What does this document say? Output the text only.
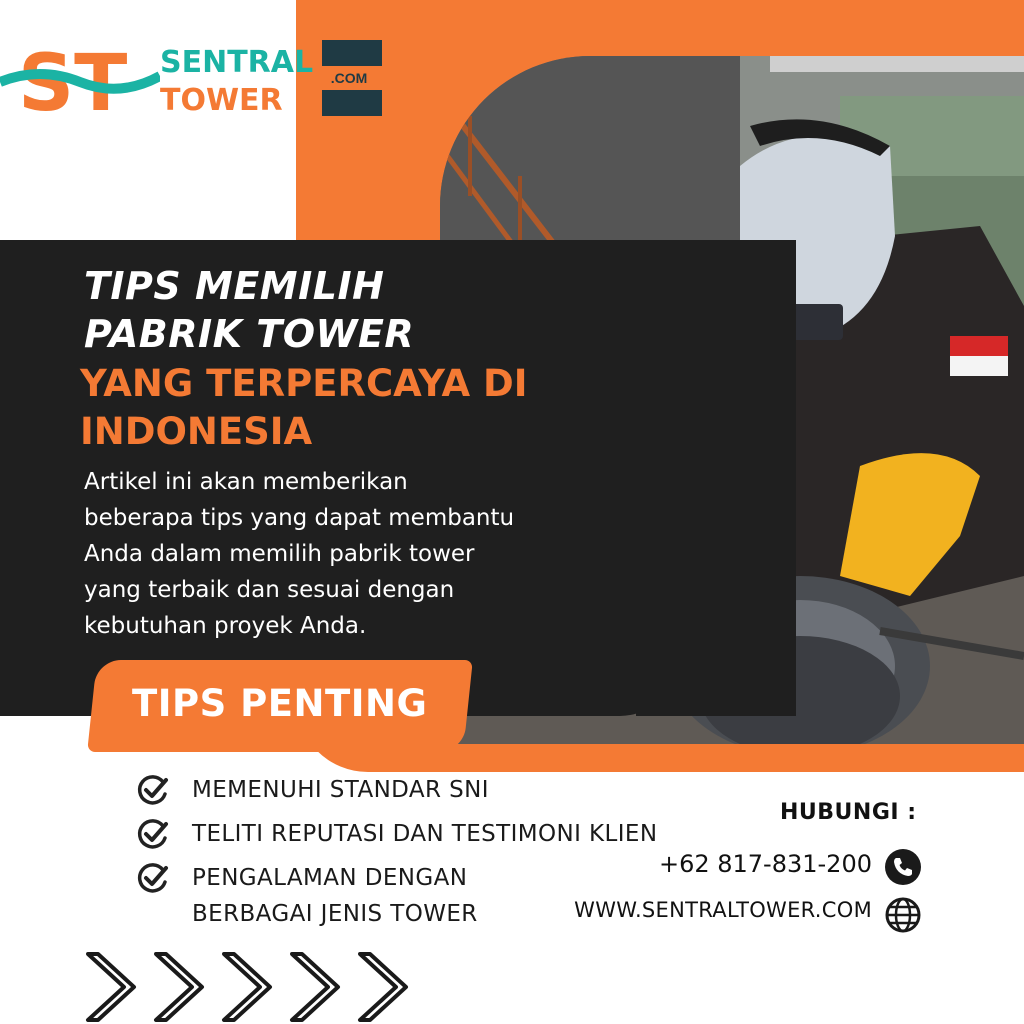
ST SENTRAL
TOWER
.COM
TIPS MEMILIH PABRIK TOWER
YANG TERPERCAYA DI INDONESIA

Artikel ini akan memberikan
beberapa tips yang dapat membantu
Anda dalam memilih pabrik tower
yang terbaik dan sesuai dengan
kebutuhan proyek Anda.

TIPS PENTING
MEMENUHI STANDAR SNI
TELITI REPUTASI DAN TESTIMONI KLIEN
PENGALAMAN DENGAN BERBAGAI JENIS TOWER
HUBUNGI :
+62 817-831-200
WWW.SENTRALTOWER.COM
